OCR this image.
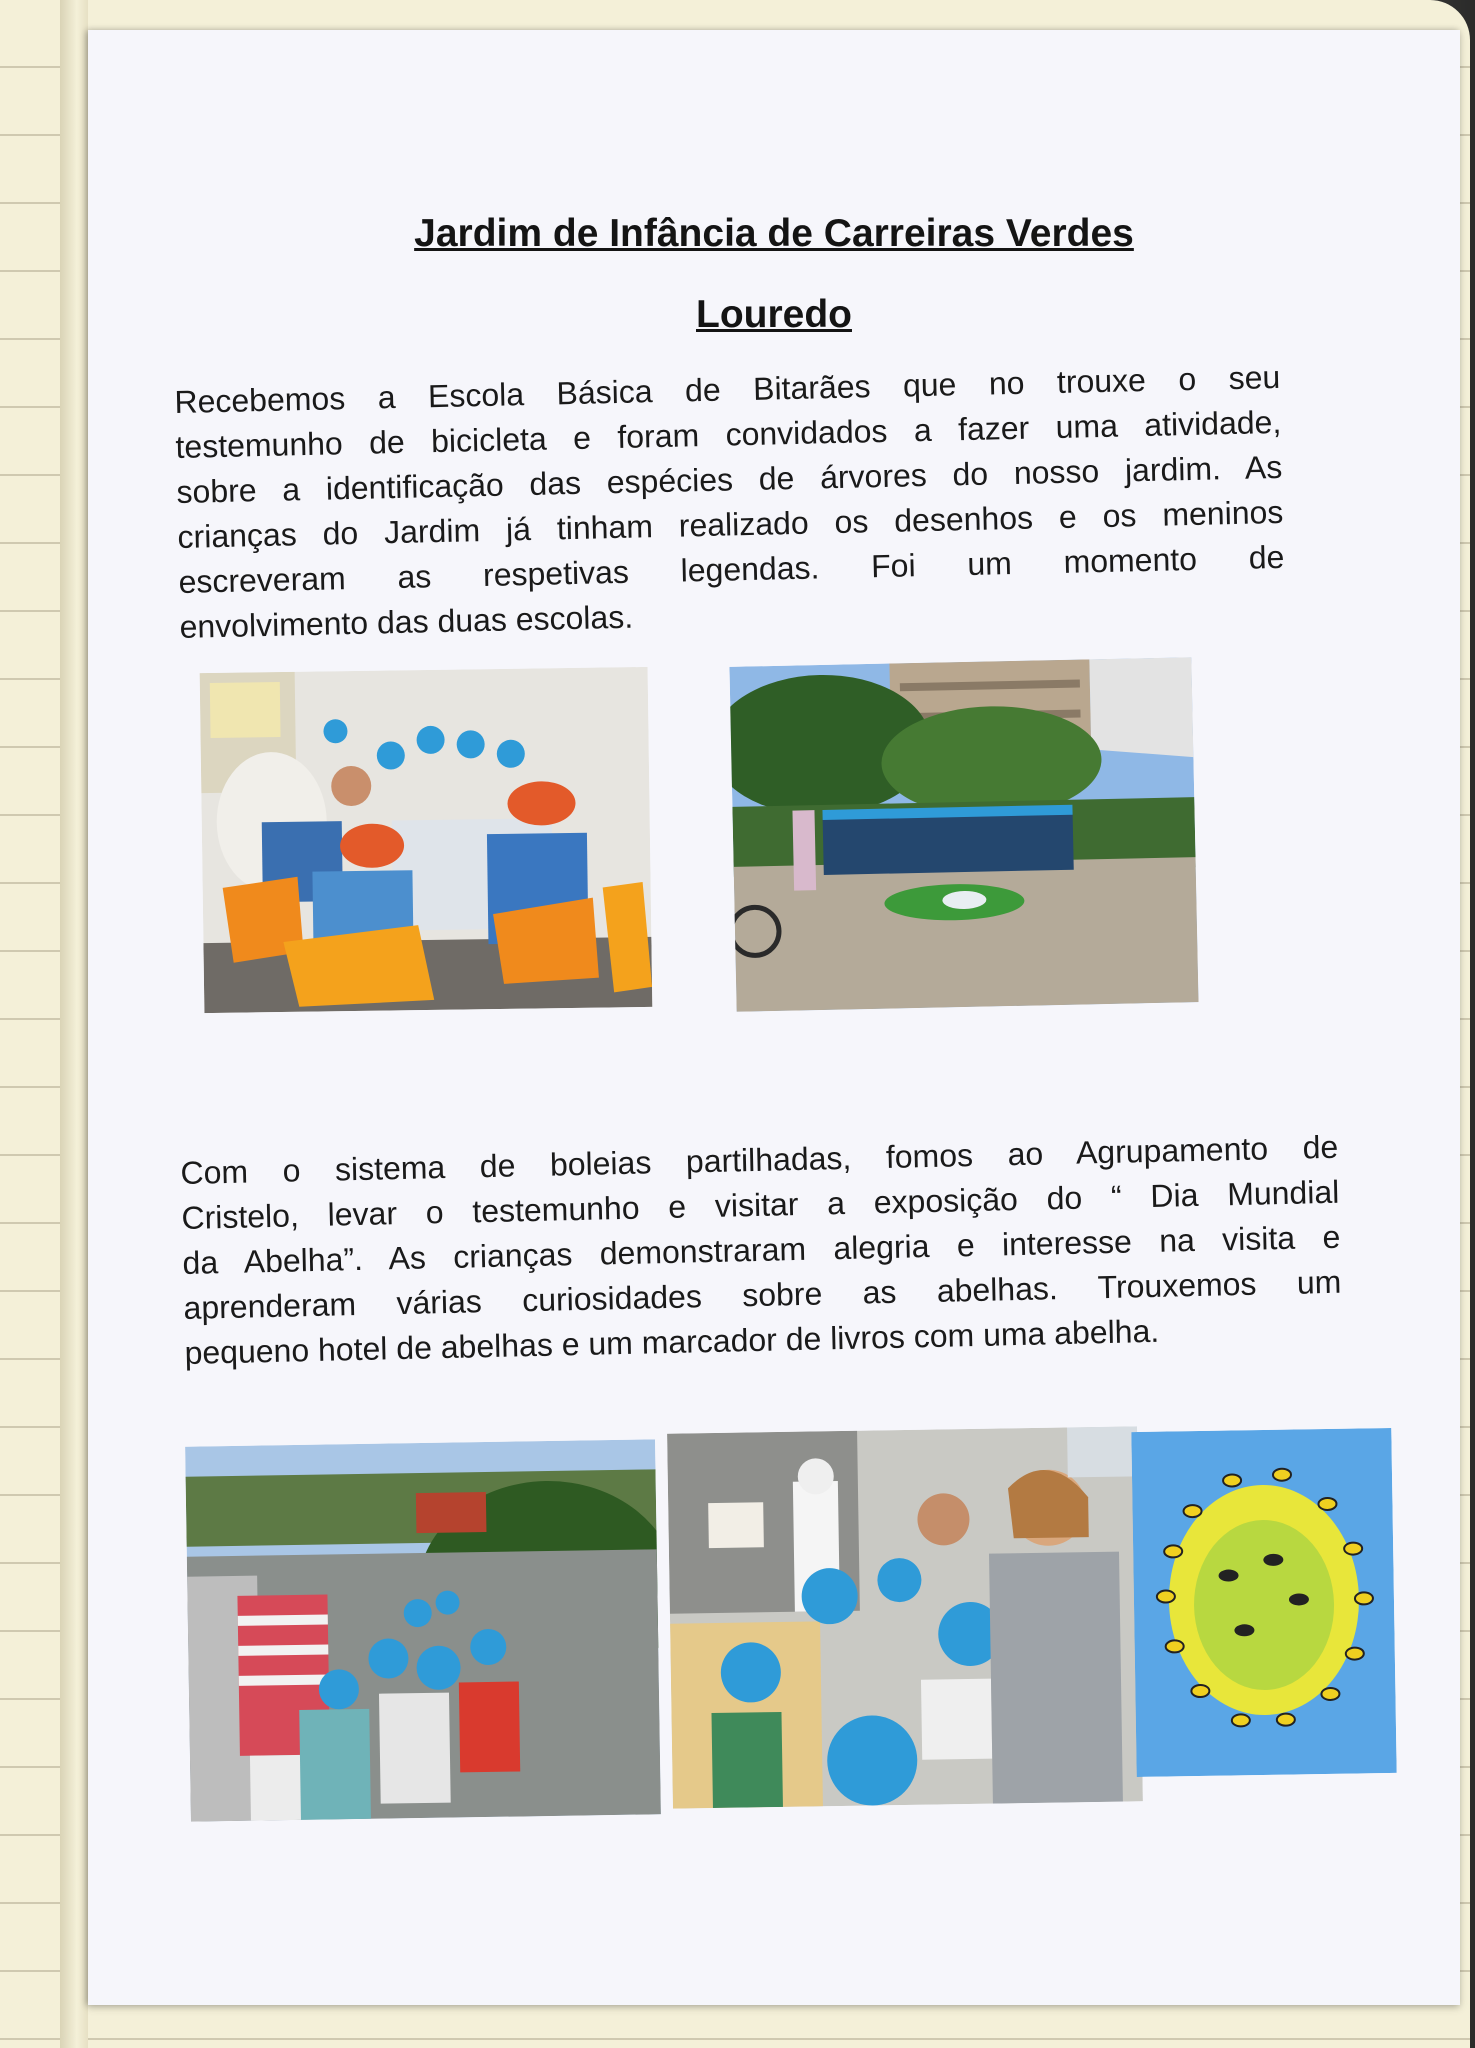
Jardim de Infância de Carreiras Verdes
Louredo
Recebemos a Escola Básica de Bitarães que no trouxe o seu
testemunho de bicicleta e foram convidados a fazer uma atividade,
sobre a identificação das espécies de árvores do nosso jardim. As
crianças do Jardim já tinham realizado os desenhos e os meninos
escreveram as respetivas legendas. Foi um momento de
envolvimento das duas escolas.
Com o sistema de boleias partilhadas, fomos ao Agrupamento de
Cristelo, levar o testemunho e visitar a exposição do “ Dia Mundial
da Abelha”. As crianças demonstraram alegria e interesse na visita e
aprenderam várias curiosidades sobre as abelhas. Trouxemos um
pequeno hotel de abelhas e um marcador de livros com uma abelha.
